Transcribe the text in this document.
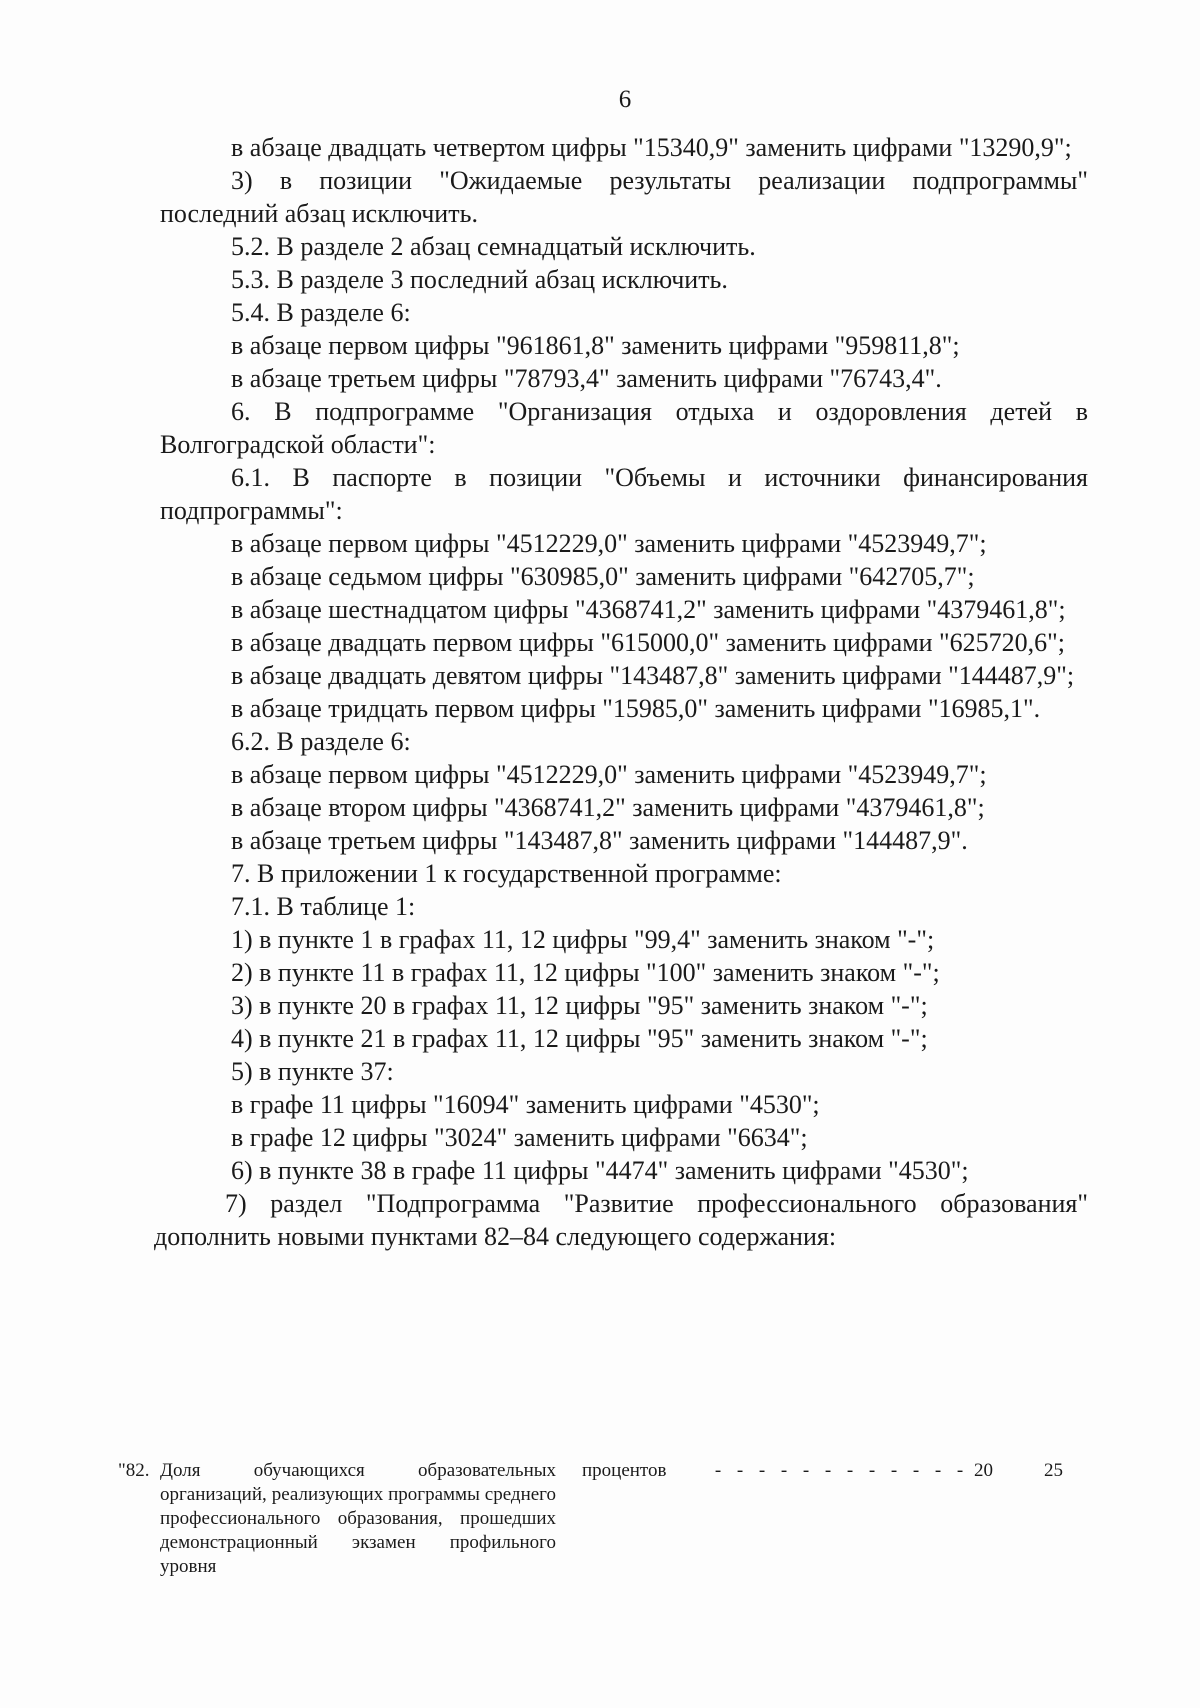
6

в абзаце двадцать четвертом цифры "15340,9" заменить цифрами "13290,9";

3) в позиции "Ожидаемые результаты реализации подпрограммы" последний абзац исключить.

5.2. В разделе 2 абзац семнадцатый исключить.

5.3. В разделе 3 последний абзац исключить.

5.4. В разделе 6:

в абзаце первом цифры "961861,8" заменить цифрами "959811,8";

в абзаце третьем цифры "78793,4" заменить цифрами "76743,4".

6. В подпрограмме "Организация отдыха и оздоровления детей в Волгоградской области":

6.1. В паспорте в позиции "Объемы и источники финансирования подпрограммы":

в абзаце первом цифры "4512229,0" заменить цифрами "4523949,7";

в абзаце седьмом цифры "630985,0" заменить цифрами "642705,7";

в абзаце шестнадцатом цифры "4368741,2" заменить цифрами "4379461,8";

в абзаце двадцать первом цифры "615000,0" заменить цифрами "625720,6";

в абзаце двадцать девятом цифры "143487,8" заменить цифрами "144487,9";

в абзаце тридцать первом цифры "15985,0" заменить цифрами "16985,1".

6.2. В разделе 6:

в абзаце первом цифры "4512229,0" заменить цифрами "4523949,7";

в абзаце втором цифры "4368741,2" заменить цифрами "4379461,8";

в абзаце третьем цифры "143487,8" заменить цифрами "144487,9".

7. В приложении 1 к государственной программе:

7.1. В таблице 1:

1) в пункте 1 в графах 11, 12 цифры "99,4" заменить знаком "-";

2) в пункте 11 в графах 11, 12 цифры "100" заменить знаком "-";

3) в пункте 20 в графах 11, 12 цифры "95" заменить знаком "-";

4) в пункте 21 в графах 11, 12 цифры "95" заменить знаком "-";

5) в пункте 37:

в графе 11 цифры "16094" заменить цифрами "4530";

в графе 12 цифры "3024" заменить цифрами "6634";

6) в пункте 38 в графе 11 цифры "4474" заменить цифрами "4530";

7) раздел "Подпрограмма "Развитие профессионального образования" дополнить новыми пунктами 82–84 следующего содержания:

"82. Доля обучающихся образовательных организаций, реализующих программы среднего профессионального образования, прошедших демонстрационный экзамен профильного уровня
процентов	- - - - - - - - - - - - 20	25
